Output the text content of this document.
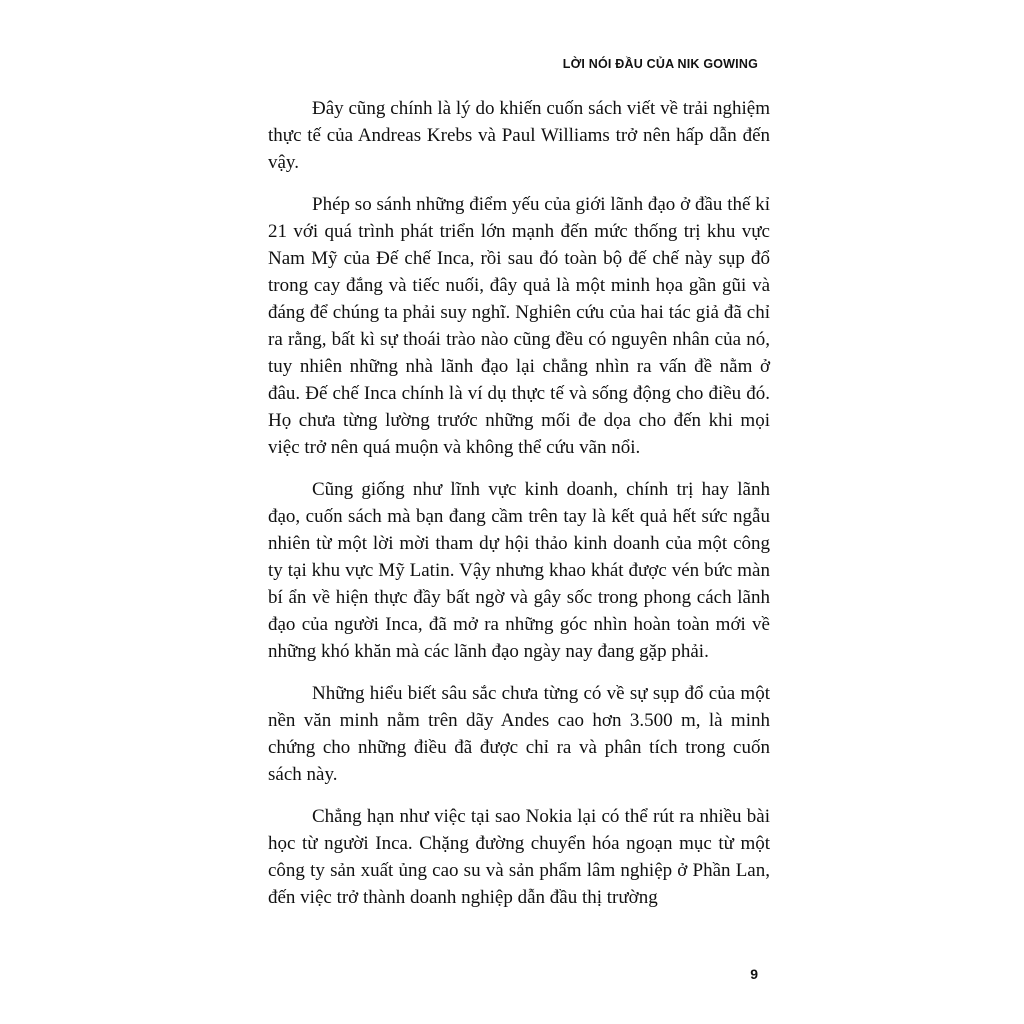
LỜI NÓI ĐẦU CỦA NIK GOWING

Đây cũng chính là lý do khiến cuốn sách viết về trải nghiệm thực tế của Andreas Krebs và Paul Williams trở nên hấp dẫn đến vậy.

Phép so sánh những điểm yếu của giới lãnh đạo ở đầu thế kỉ 21 với quá trình phát triển lớn mạnh đến mức thống trị khu vực Nam Mỹ của Đế chế Inca, rồi sau đó toàn bộ đế chế này sụp đổ trong cay đắng và tiếc nuối, đây quả là một minh họa gần gũi và đáng để chúng ta phải suy nghĩ. Nghiên cứu của hai tác giả đã chỉ ra rằng, bất kì sự thoái trào nào cũng đều có nguyên nhân của nó, tuy nhiên những nhà lãnh đạo lại chẳng nhìn ra vấn đề nằm ở đâu. Đế chế Inca chính là ví dụ thực tế và sống động cho điều đó. Họ chưa từng lường trước những mối đe dọa cho đến khi mọi việc trở nên quá muộn và không thể cứu vãn nổi.

Cũng giống như lĩnh vực kinh doanh, chính trị hay lãnh đạo, cuốn sách mà bạn đang cầm trên tay là kết quả hết sức ngẫu nhiên từ một lời mời tham dự hội thảo kinh doanh của một công ty tại khu vực Mỹ Latin. Vậy nhưng khao khát được vén bức màn bí ẩn về hiện thực đầy bất ngờ và gây sốc trong phong cách lãnh đạo của người Inca, đã mở ra những góc nhìn hoàn toàn mới về những khó khăn mà các lãnh đạo ngày nay đang gặp phải.

Những hiểu biết sâu sắc chưa từng có về sự sụp đổ của một nền văn minh nằm trên dãy Andes cao hơn 3.500 m, là minh chứng cho những điều đã được chỉ ra và phân tích trong cuốn sách này.

Chẳng hạn như việc tại sao Nokia lại có thể rút ra nhiều bài học từ người Inca. Chặng đường chuyển hóa ngoạn mục từ một công ty sản xuất ủng cao su và sản phẩm lâm nghiệp ở Phần Lan, đến việc trở thành doanh nghiệp dẫn đầu thị trường

9
